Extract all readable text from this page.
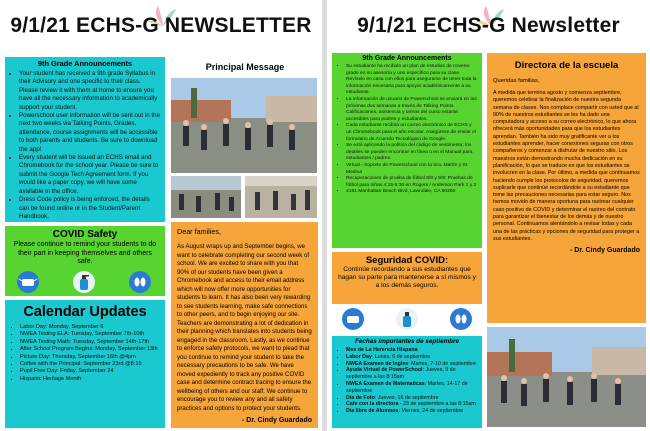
9/1/21 ECHS-G NEWSLETTER
9th Grade Announcements
• Your student has received a 9th grade Syllabus in their Advisory and one specific to their class. Please review it with them at home to ensure you have all the necessary information to academically support your student.
• Powerschool user information will be sent out in the next two weeks via Talking Points, Grades, attendance, course assignments will be accessible to both parents and students. Be sure to download the app!
• Every student will be issued an ECHS email and Chromebook for the school year. Please be sure to submit the Google Tech Agreement form. If you would like a paper copy, we will have some available in the office.
• Dress Code policy is being enforced, the details can be found online or in the Student/Parent Handbook.
COVID Safety
Please continue to remind your students to do their part in keeping themselves and others safe.
Calendar Updates
• Labor Day: Monday, September 6
• NWEA Testing ELA: Tuesday, September 7th-10th
• NWEA Testing Math: Tuesday, September 14th-17th
• After School Program Begins: Monday, September 13th
• Picture Day: Thursday, September 16th @4pm
• Coffee with the Principal: September 23rd @8:15
• Pupil Free Day: Friday, September 24
• Hispanic Heritage Month
Principal Message
Dear families,
As August wraps up and September begins, we want to celebrate completing our second week of school. We are excited to share with you that 90% of our students have been given a Chromebook and access to their email address which will now offer more opportunities for students to learn. It has also been very rewarding to see students learning, make safe connections to other peers, and to begin enjoying our site. Teachers are demonstrating a lot of dedication in their planning which translates into students being engaged in the classroom. Lastly, as we continue to enforce safety protocols, we want to plead that you continue to remind your student to take the necessary precautions to be safe. We have moved expediently to track any positive COVID case and determine contract tracing to ensure the wellbeing of others and our staff. We continue to encourage you to review any and all safety practices and options to protect your students.
- Dr. Cindy Guardado
9/1/21 ECHS-G Newsletter
9th Grade Announcements
• Su estudiante ha recibido un plan de estudios de noveno grado en su asesoría y uno específico para su clase. Revíselo en casa con ellos para asegurarse de tener toda la información necesaria para apoyar académicamente a su estudiante.
• La información de usuario de Powerschool se enviará en las próximas dos semanas a través de Talking Points. Calificaciones, asistencia y tareas del curso estarán accesibles para padres y estudiantes.
• Cada estudiante recibirá un correo electrónico de ECHS y un Chromebook para el año escolar. Asegúrese de enviar el formulario de Acuerdo Tecnológico de Google.
• Se está aplicando la política del código de vestimenta; los detalles se pueden encontrar en línea o en el Manual para estudiantes / padres.
• Virtual - Soporte de Powerschool con la Sra. Martín y Sr. Medina
• Recuperaciones de prueba de fútbol 8/8 y 9/9: Pruebas de fútbol para niñas 4:15-5:30 en Rogers / Anderson Park 1 y 2
• 4161 Manhattan Beach Blvd, Lawndale, CA 90260
Seguridad COVID:
Continúe recordando a sus estudiantes que hagan su parte para mantenerse a sí mismos y a los demás seguros.
Fechas importantes de septiembre
• Mes de La Herencia Hispana
• Labor Day: Lunes, 6 de septiembre
• NWEA Examen de Ingles: Martes, 7-10 de septiembre
• Ayuda Virtual de PowerSchool: Jueves, 9 de septiembre a las 8:15am
• NWEA Examen de Matematicas: Martes, 14-17 de septiembre
• Dia de Foto: Jueves, 16 de septiembre
• Cafe con la directora - 23 de septiembre a las 8:15am
• Dia libre de Alumnos: Viernes, 24 de septiembre
Directora de la escuela
Queridas familias,
A medida que termina agosto y comienza septiembre, queremos celebrar la finalización de nuestra segunda semana de clases. Nos complace compartir con usted que al 90% de nuestros estudiantes se les ha dado una computadora y acceso a su correo electrónico, lo que ahora ofrecerá más oportunidades para que los estudiantes aprendan. También ha sido muy gratificante ver a los estudiantes aprender, hacer conexiones seguras con otros compañeros y comenzar a disfrutar de nuestro sitio. Los maestros están demostrando mucha dedicación en su planificación, lo que se traduce en que los estudiantes se involucren en la clase. Por último, a medida que continuamos haciendo cumplir los protocolos de seguridad, queremos suplicarle que continúe recordándole a su estudiante que tome las precauciones necesarias para estar seguro. Nos hemos movido de manera oportuna para rastrear cualquier caso positivo de COVID y determinar el rastreo del contrato para garantizar el bienestar de los demás y de nuestro personal. Continuamos alentándolo a revisar todas y cada una de las prácticas y opciones de seguridad para proteger a sus estudiantes.
- Dr. Cindy Guardado
